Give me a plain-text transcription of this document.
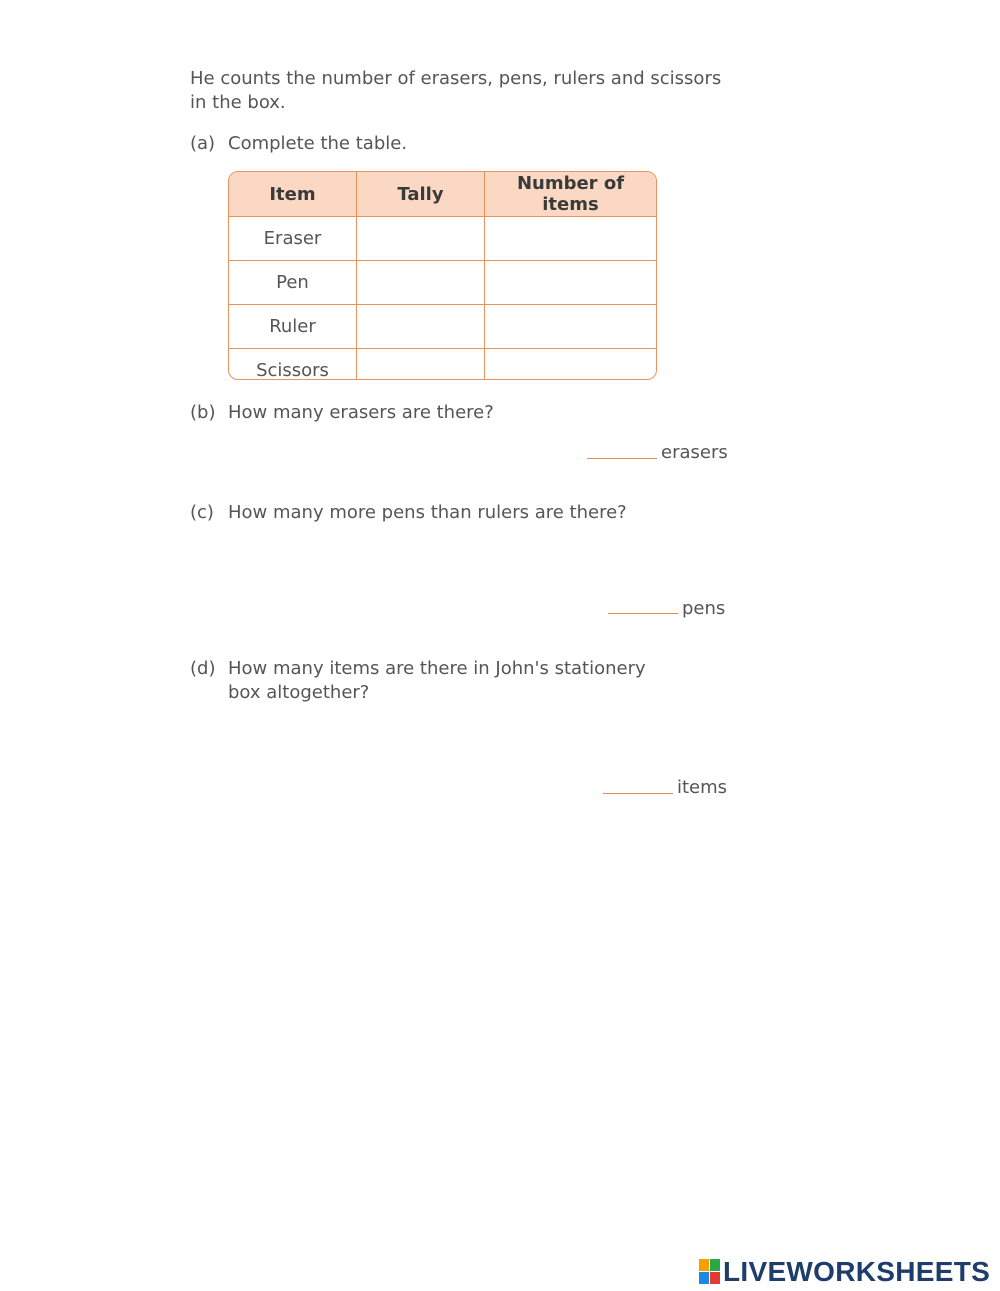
He counts the number of erasers, pens, rulers and scissors in the box.
(a) Complete the table.
Item	Tally	Number of items
Eraser		
Pen		
Ruler		
Scissors		
(b) How many erasers are there?
erasers
(c) How many more pens than rulers are there?
pens
(d) How many items are there in John's stationery box altogether?
items
LIVEWORKSHEETS
